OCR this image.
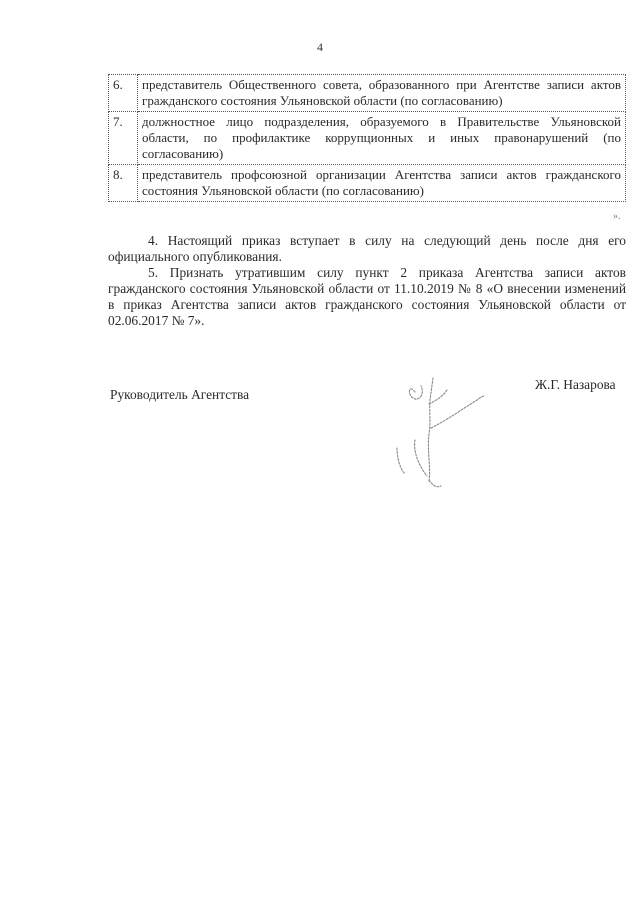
4
6.	представитель Общественного совета, образованного при Агентстве записи актов гражданского состояния Ульяновской области (по согласованию)
7.	должностное лицо подразделения, образуемого в Правительстве Ульяновской области, по профилактике коррупционных и иных правонарушений (по согласованию)
8.	представитель профсоюзной организации Агентства записи актов гражданского состояния Ульяновской области (по согласованию)
».

4. Настоящий приказ вступает в силу на следующий день после дня его официального опубликования.

5. Признать утратившим силу пункт 2 приказа Агентства записи актов гражданского состояния Ульяновской области от 11.10.2019 № 8 «О внесении изменений в приказ Агентства записи актов гражданского состояния Ульяновской области от 02.06.2017 № 7».

Руководитель Агентства
Ж.Г. Назарова
